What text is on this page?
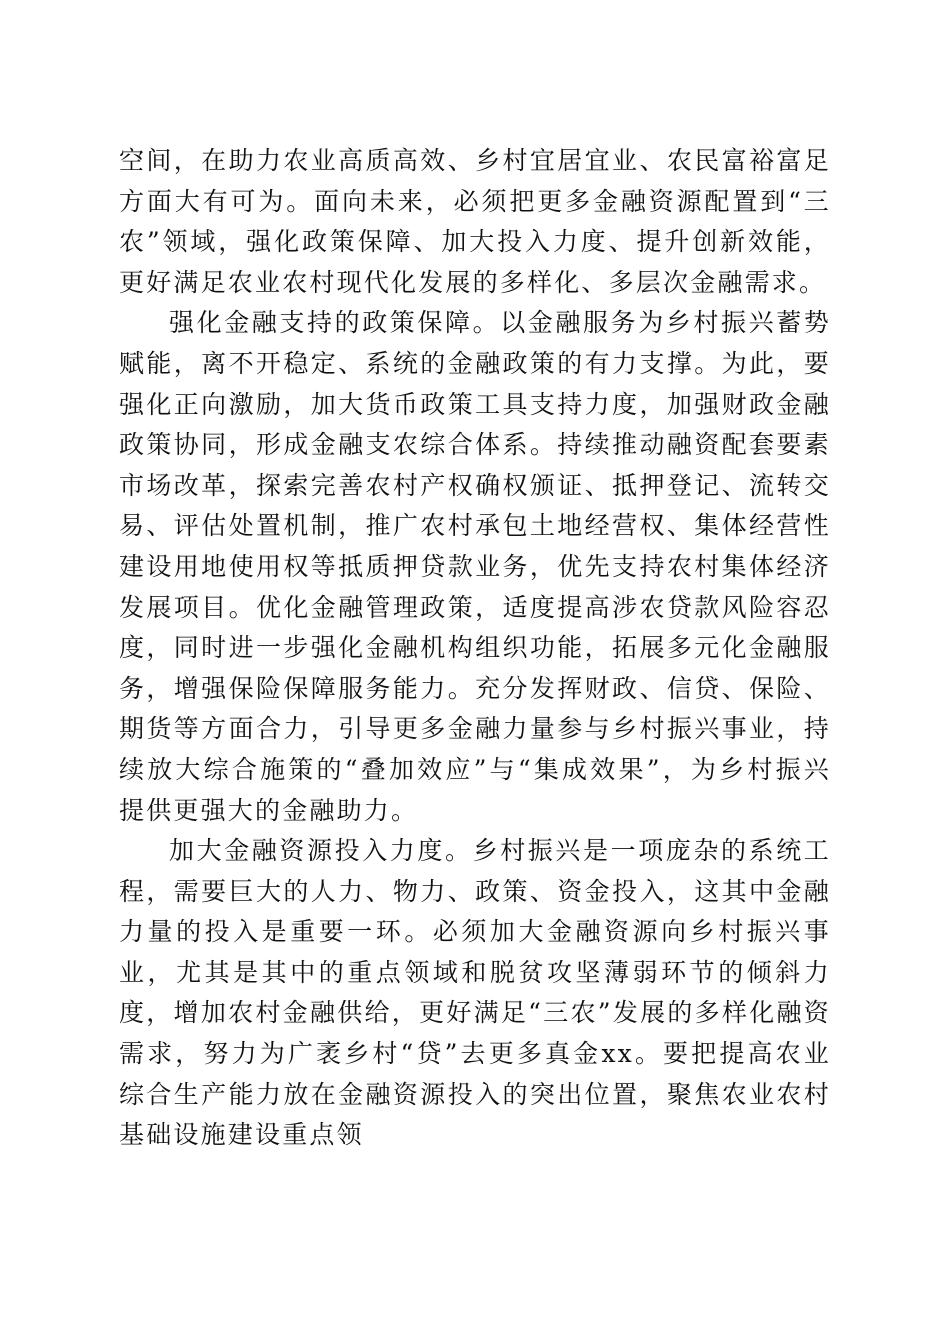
空间，在助力农业高质高效、乡村宜居宜业、农民富裕富足方面大有可为。面向未来，必须把更多金融资源配置到“三农”领域，强化政策保障、加大投入力度、提升创新效能，更好满足农业农村现代化发展的多样化、多层次金融需求。

强化金融支持的政策保障。以金融服务为乡村振兴蓄势赋能，离不开稳定、系统的金融政策的有力支撑。为此，要强化正向激励，加大货币政策工具支持力度，加强财政金融政策协同，形成金融支农综合体系。持续推动融资配套要素市场改革，探索完善农村产权确权颁证、抵押登记、流转交易、评估处置机制，推广农村承包土地经营权、集体经营性建设用地使用权等抵质押贷款业务，优先支持农村集体经济发展项目。优化金融管理政策，适度提高涉农贷款风险容忍度，同时进一步强化金融机构组织功能，拓展多元化金融服务，增强保险保障服务能力。充分发挥财政、信贷、保险、期货等方面合力，引导更多金融力量参与乡村振兴事业，持续放大综合施策的“叠加效应”与“集成效果”，为乡村振兴提供更强大的金融助力。

加大金融资源投入力度。乡村振兴是一项庞杂的系统工程，需要巨大的人力、物力、政策、资金投入，这其中金融力量的投入是重要一环。必须加大金融资源向乡村振兴事业，尤其是其中的重点领域和脱贫攻坚薄弱环节的倾斜力度，增加农村金融供给，更好满足“三农”发展的多样化融资需求，努力为广袤乡村“贷”去更多真金xx。要把提高农业综合生产能力放在金融资源投入的突出位置，聚焦农业农村基础设施建设重点领
